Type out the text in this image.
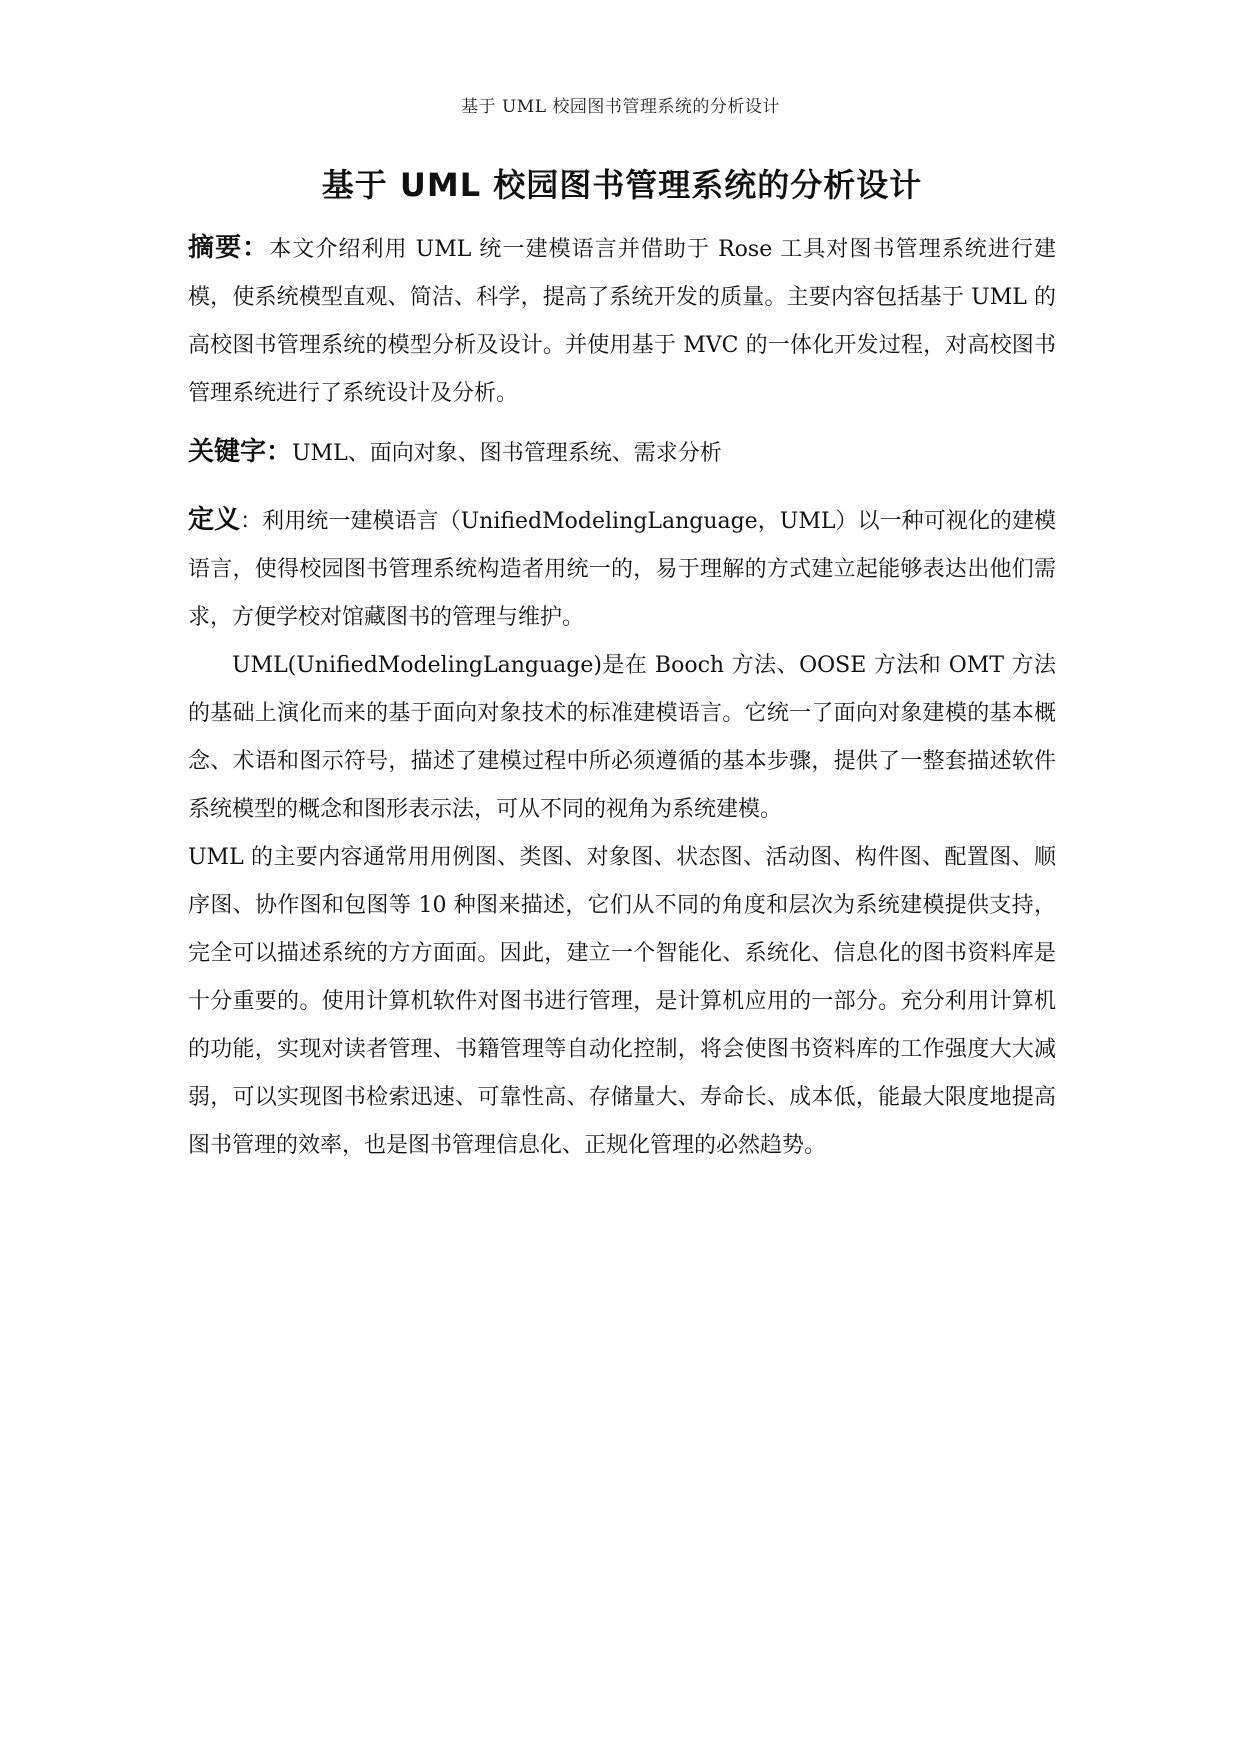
基于 UML 校园图书管理系统的分析设计
基于 UML 校园图书管理系统的分析设计

摘要：本文介绍利用 UML 统一建模语言并借助于 Rose 工具对图书管理系统进行建模，使系统模型直观、简洁、科学，提高了系统开发的质量。主要内容包括基于 UML 的高校图书管理系统的模型分析及设计。并使用基于 MVC 的一体化开发过程，对高校图书管理系统进行了系统设计及分析。

关键字：UML、面向对象、图书管理系统、需求分析

定义：利用统一建模语言（UnifiedModelingLanguage，UML）以一种可视化的建模语言，使得校园图书管理系统构造者用统一的，易于理解的方式建立起能够表达出他们需求，方便学校对馆藏图书的管理与维护。

UML(UnifiedModelingLanguage)是在 Booch 方法、OOSE 方法和 OMT 方法的基础上演化而来的基于面向对象技术的标准建模语言。它统一了面向对象建模的基本概念、术语和图示符号，描述了建模过程中所必须遵循的基本步骤，提供了一整套描述软件系统模型的概念和图形表示法，可从不同的视角为系统建模。

UML 的主要内容通常用用例图、类图、对象图、状态图、活动图、构件图、配置图、顺序图、协作图和包图等 10 种图来描述，它们从不同的角度和层次为系统建模提供支持，完全可以描述系统的方方面面。因此，建立一个智能化、系统化、信息化的图书资料库是十分重要的。使用计算机软件对图书进行管理，是计算机应用的一部分。充分利用计算机的功能，实现对读者管理、书籍管理等自动化控制，将会使图书资料库的工作强度大大减弱，可以实现图书检索迅速、可靠性高、存储量大、寿命长、成本低，能最大限度地提高图书管理的效率，也是图书管理信息化、正规化管理的必然趋势。
